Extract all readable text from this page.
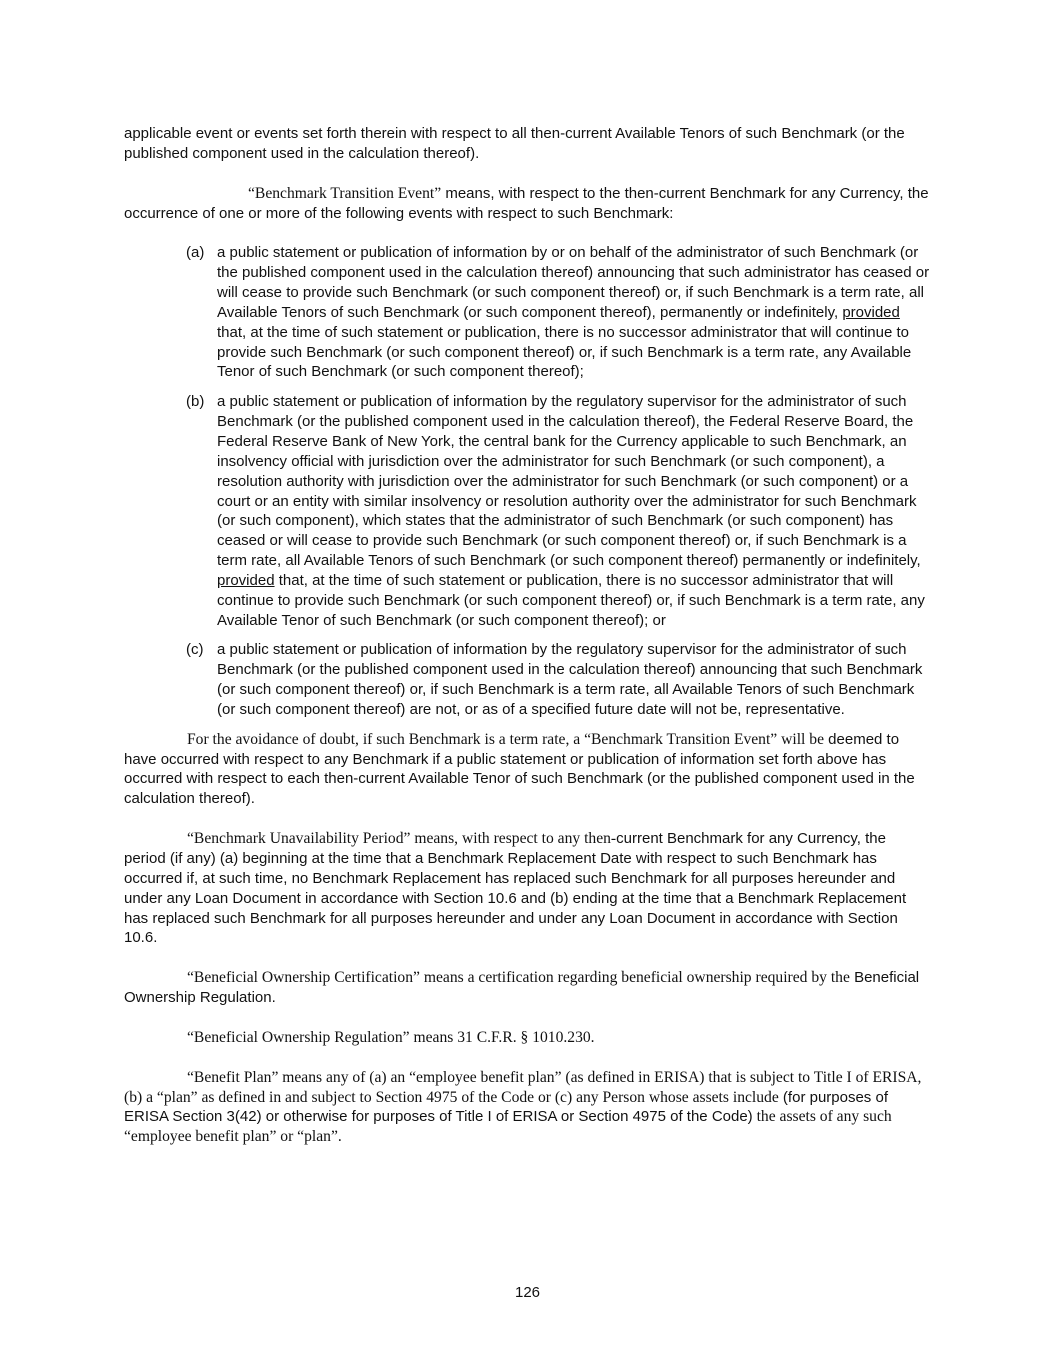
applicable event or events set forth therein with respect to all then-current Available Tenors of such Benchmark (or the published component used in the calculation thereof).

“Benchmark Transition Event” means, with respect to the then-current Benchmark for any Currency, the occurrence of one or more of the following events with respect to such Benchmark:

(a) a public statement or publication of information by or on behalf of the administrator of such Benchmark (or the published component used in the calculation thereof) announcing that such administrator has ceased or will cease to provide such Benchmark (or such component thereof) or, if such Benchmark is a term rate, all Available Tenors of such Benchmark (or such component thereof), permanently or indefinitely, provided that, at the time of such statement or publication, there is no successor administrator that will continue to provide such Benchmark (or such component thereof) or, if such Benchmark is a term rate, any Available Tenor of such Benchmark (or such component thereof);
(b) a public statement or publication of information by the regulatory supervisor for the administrator of such Benchmark (or the published component used in the calculation thereof), the Federal Reserve Board, the Federal Reserve Bank of New York, the central bank for the Currency applicable to such Benchmark, an insolvency official with jurisdiction over the administrator for such Benchmark (or such component), a resolution authority with jurisdiction over the administrator for such Benchmark (or such component) or a court or an entity with similar insolvency or resolution authority over the administrator for such Benchmark (or such component), which states that the administrator of such Benchmark (or such component) has ceased or will cease to provide such Benchmark (or such component thereof) or, if such Benchmark is a term rate, all Available Tenors of such Benchmark (or such component thereof) permanently or indefinitely, provided that, at the time of such statement or publication, there is no successor administrator that will continue to provide such Benchmark (or such component thereof) or, if such Benchmark is a term rate, any Available Tenor of such Benchmark (or such component thereof); or
(c) a public statement or publication of information by the regulatory supervisor for the administrator of such Benchmark (or the published component used in the calculation thereof) announcing that such Benchmark (or such component thereof) or, if such Benchmark is a term rate, all Available Tenors of such Benchmark (or such component thereof) are not, or as of a specified future date will not be, representative.

For the avoidance of doubt, if such Benchmark is a term rate, a “Benchmark Transition Event” will be deemed to have occurred with respect to any Benchmark if a public statement or publication of information set forth above has occurred with respect to each then-current Available Tenor of such Benchmark (or the published component used in the calculation thereof).

“Benchmark Unavailability Period” means, with respect to any then-current Benchmark for any Currency, the period (if any) (a) beginning at the time that a Benchmark Replacement Date with respect to such Benchmark has occurred if, at such time, no Benchmark Replacement has replaced such Benchmark for all purposes hereunder and under any Loan Document in accordance with Section 10.6 and (b) ending at the time that a Benchmark Replacement has replaced such Benchmark for all purposes hereunder and under any Loan Document in accordance with Section 10.6.

“Beneficial Ownership Certification” means a certification regarding beneficial ownership required by the Beneficial Ownership Regulation.

“Beneficial Ownership Regulation” means 31 C.F.R. § 1010.230.

“Benefit Plan” means any of (a) an “employee benefit plan” (as defined in ERISA) that is subject to Title I of ERISA, (b) a “plan” as defined in and subject to Section 4975 of the Code or (c) any Person whose assets include (for purposes of ERISA Section 3(42) or otherwise for purposes of Title I of ERISA or Section 4975 of the Code) the assets of any such “employee benefit plan” or “plan”.

126
